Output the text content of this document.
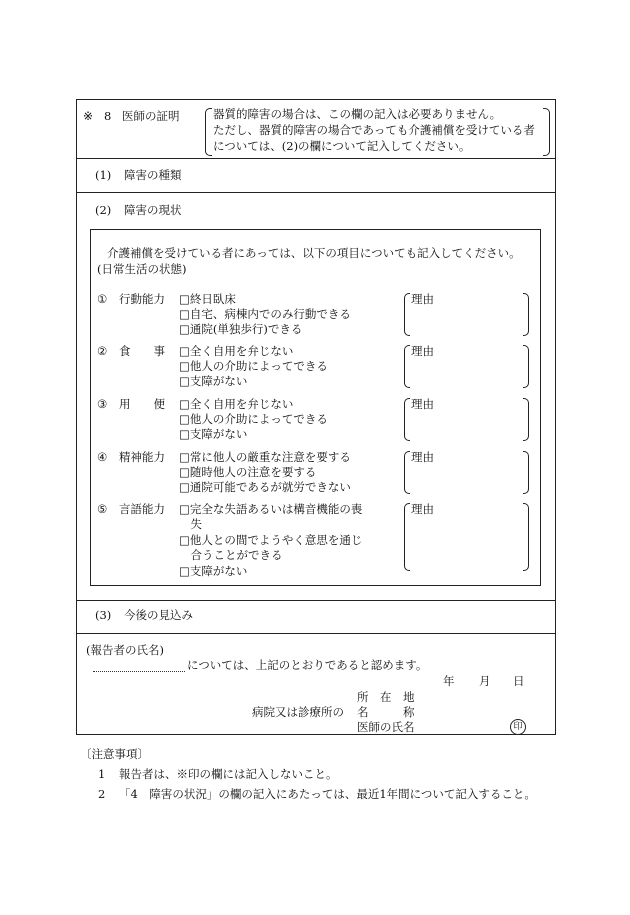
※ 8 医師の証明	器質的障害の場合は、この欄の記入は必要ありません。
ただし、器質的障害の場合であっても介護補償を受けている者
については、(2)の欄について記入してください。
(1) 障害の種類
(2) 障害の現状
介護補償を受けている者にあっては、以下の項目についても記入してください。
(日常生活の状態)
① 行動能力 □終日臥床
□自宅、病棟内でのみ行動できる
□通院(単独歩行)できる
理由
② 食　　事 □全く自用を弁じない
□他人の介助によってできる
□支障がない
理由
③ 用　　便 □全く自用を弁じない
□他人の介助によってできる
□支障がない
理由
④ 精神能力 □常に他人の厳重な注意を要する
□随時他人の注意を要する
□通院可能であるが就労できない
理由
⑤ 言語能力 □完全な失語あるいは構音機能の喪
　失
□他人との間でようやく意思を通じ
　合うことができる
□支障がない
理由
(3) 今後の見込み
(報告者の氏名)
については、上記のとおりであると認めます。
年 月 日
所　在　地
病院又は診療所の 名　　　称
医師の氏名	印
〔注意事項〕
1 報告者は、※印の欄には記入しないこと。
2 「4　障害の状況」の欄の記入にあたっては、最近1年間について記入すること。
